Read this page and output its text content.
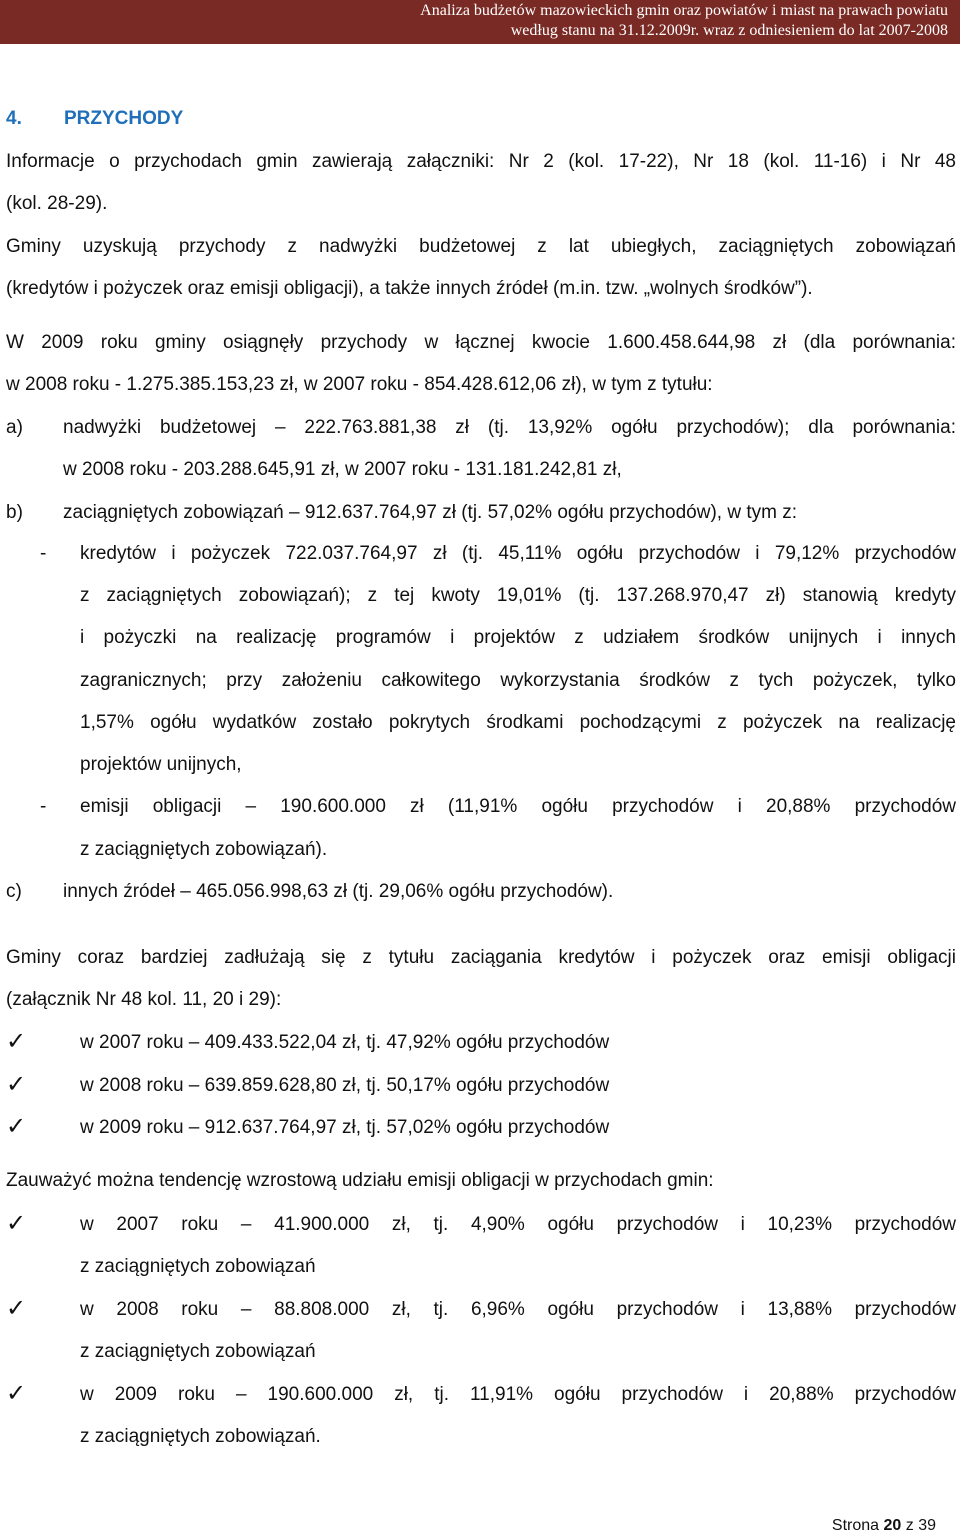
Analiza budżetów mazowieckich gmin oraz powiatów i miast na prawach powiatu
według stanu na 31.12.2009r. wraz z odniesieniem do lat 2007-2008
4. PRZYCHODY
Informacje o przychodach gmin zawierają załączniki: Nr 2 (kol. 17-22), Nr 18 (kol. 11-16) i Nr 48
(kol. 28-29).
Gminy uzyskują przychody z nadwyżki budżetowej z lat ubiegłych, zaciągniętych zobowiązań
(kredytów i pożyczek oraz emisji obligacji), a także innych źródeł (m.in. tzw. „wolnych środków”).
W 2009 roku gminy osiągnęły przychody w łącznej kwocie 1.600.458.644,98 zł (dla porównania:
w 2008 roku - 1.275.385.153,23 zł, w 2007 roku - 854.428.612,06 zł), w tym z tytułu:
a) nadwyżki budżetowej – 222.763.881,38 zł (tj. 13,92% ogółu przychodów); dla porównania:
w 2008 roku - 203.288.645,91 zł, w 2007 roku - 131.181.242,81 zł,
b) zaciągniętych zobowiązań – 912.637.764,97 zł (tj. 57,02% ogółu przychodów), w tym z:
- kredytów i pożyczek 722.037.764,97 zł (tj. 45,11% ogółu przychodów i 79,12% przychodów
z zaciągniętych zobowiązań); z tej kwoty 19,01% (tj. 137.268.970,47 zł) stanowią kredyty
i pożyczki na realizację programów i projektów z udziałem środków unijnych i innych
zagranicznych; przy założeniu całkowitego wykorzystania środków z tych pożyczek, tylko
1,57% ogółu wydatków zostało pokrytych środkami pochodzącymi z pożyczek na realizację
projektów unijnych,
- emisji obligacji – 190.600.000 zł (11,91% ogółu przychodów i 20,88% przychodów
z zaciągniętych zobowiązań).
c) innych źródeł – 465.056.998,63 zł (tj. 29,06% ogółu przychodów).
Gminy coraz bardziej zadłużają się z tytułu zaciągania kredytów i pożyczek oraz emisji obligacji
(załącznik Nr 48 kol. 11, 20 i 29):
✓	w 2007 roku – 409.433.522,04 zł, tj. 47,92% ogółu przychodów
✓	w 2008 roku – 639.859.628,80 zł, tj. 50,17% ogółu przychodów
✓	w 2009 roku – 912.637.764,97 zł, tj. 57,02% ogółu przychodów
Zauważyć można tendencję wzrostową udziału emisji obligacji w przychodach gmin:
✓	w 2007 roku – 41.900.000 zł, tj. 4,90% ogółu przychodów i 10,23% przychodów
z zaciągniętych zobowiązań
✓	w 2008 roku – 88.808.000 zł, tj. 6,96% ogółu przychodów i 13,88% przychodów
z zaciągniętych zobowiązań
✓	w 2009 roku – 190.600.000 zł, tj. 11,91% ogółu przychodów i 20,88% przychodów
z zaciągniętych zobowiązań.
Strona 20 z 39
